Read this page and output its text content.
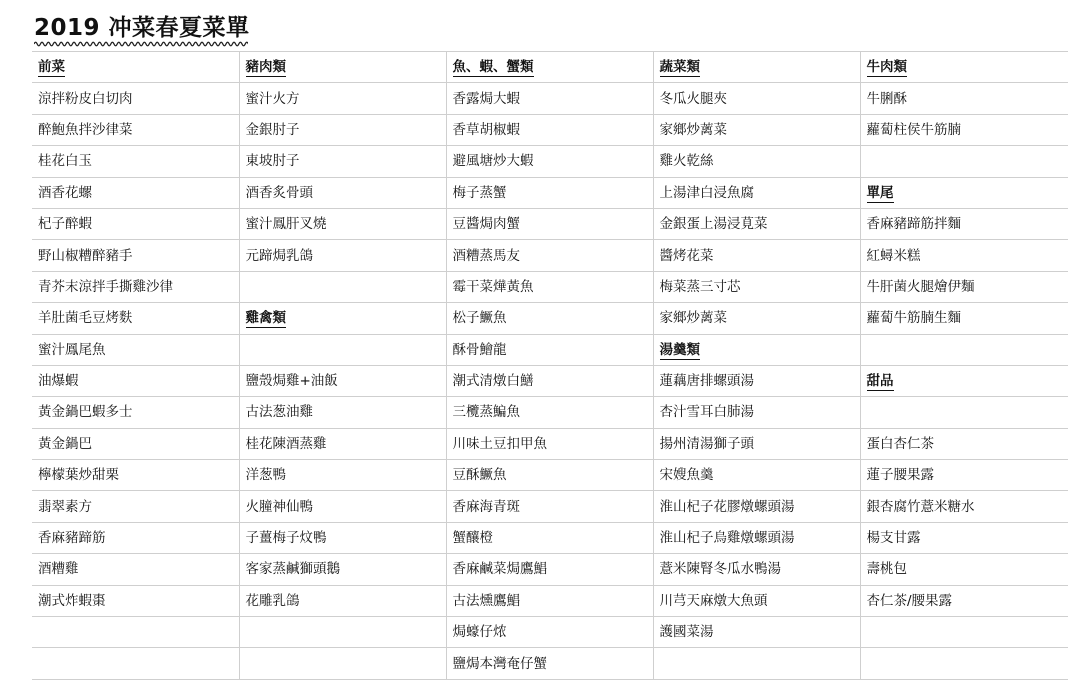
2019 冲菜春夏菜單
前菜	豬肉類	魚、蝦、蟹類	蔬菜類	牛肉類
涼拌粉皮白切肉	蜜汁火方	香露焗大蝦	冬瓜火腿夾	牛脷酥
醉鮑魚拌沙律菜	金銀肘子	香草胡椒蝦	家鄉炒蓠菜	蘿蔔柱侯牛筋腩
桂花白玉	東坡肘子	避風塘炒大蝦	雞火乾絲	
酒香花螺	酒香炙骨頭	梅子蒸蟹	上湯津白浸魚腐	單尾
杞子醉蝦	蜜汁鳳肝叉燒	豆醬焗肉蟹	金銀蛋上湯浸莧菜	香麻豬蹄筋拌麵
野山椒糟醉豬手	元蹄焗乳鴿	酒糟蒸馬友	醬烤花菜	紅蟳米糕
青芥末涼拌手撕雞沙律		霉干菜燁黃魚	梅菜蒸三寸芯	牛肝菌火腿燴伊麵
羊肚菌毛豆烤麩	雞禽類	松子鱖魚	家鄉炒蓠菜	蘿蔔牛筋腩生麵
蜜汁鳳尾魚		酥骨鱠龍	湯羹類	
油爆蝦	鹽殼焗雞+油飯	潮式清燉白鱔	蓮藕唐排螺頭湯	甜品
黃金鍋巴蝦多士	古法葱油雞	三欖蒸鯿魚	杏汁雪耳白肺湯	
黃金鍋巴	桂花陳酒蒸雞	川味土豆扣甲魚	揚州清湯獅子頭	蛋白杏仁茶
檸檬葉炒甜栗	洋葱鴨	豆酥鱖魚	宋嫂魚羹	蓮子腰果露
翡翠素方	火膧神仙鴨	香麻海青斑	淮山杞子花膠燉螺頭湯	銀杏腐竹薏米糖水
香麻豬蹄筋	子薑梅子炆鴨	蟹釀橙	淮山杞子烏雞燉螺頭湯	楊支甘露
酒糟雞	客家蒸鹹獅頭鵝	香麻鹹菜焗鷹鯧	薏米陳腎冬瓜水鴨湯	壽桃包
潮式炸蝦棗	花雕乳鴿	古法燻鷹鯧	川芎天麻燉大魚頭	杏仁茶/腰果露
		焗蠔仔㶶	護國菜湯	
		鹽焗本灣奄仔蟹		
